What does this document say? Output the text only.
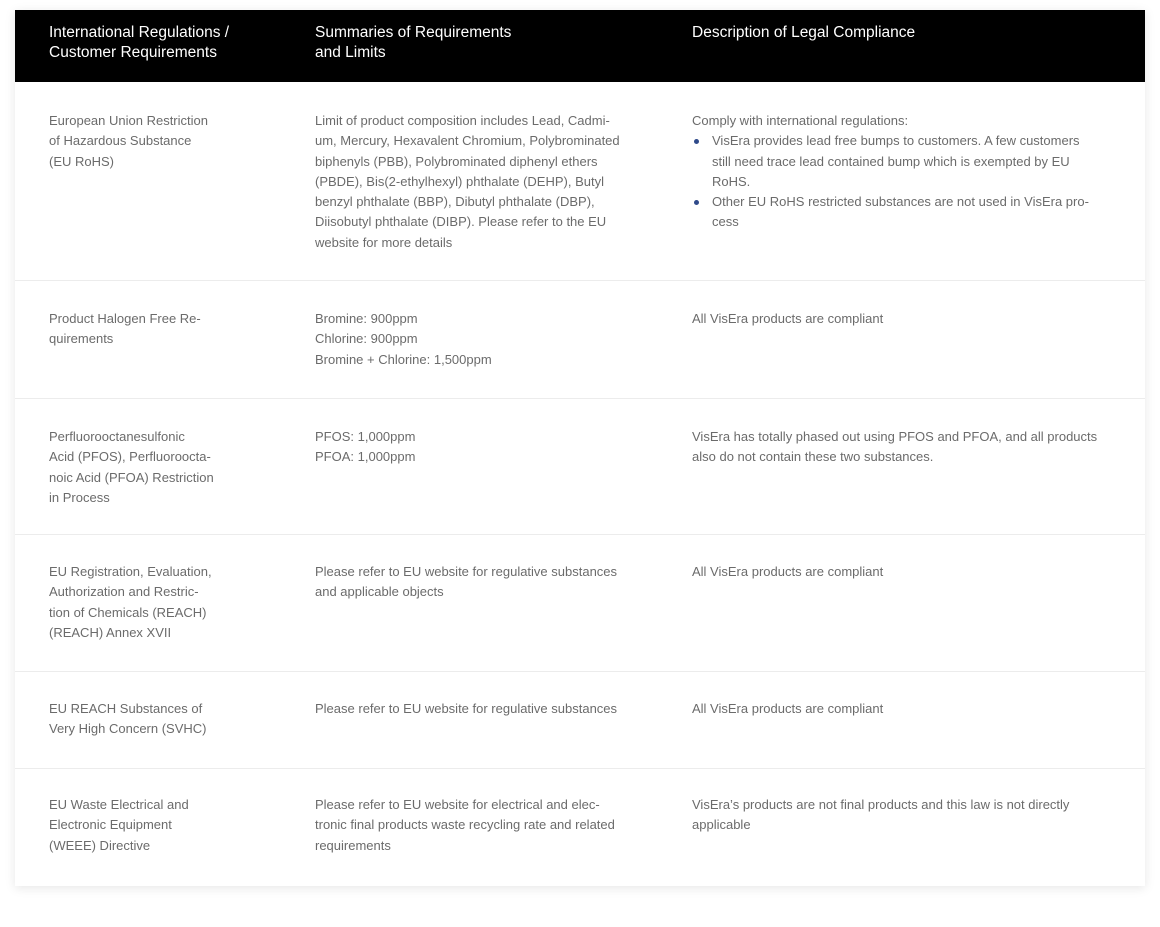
International Regulations /
Customer Requirements
Summaries of Requirements
and Limits
Description of Legal Compliance
European Union Restriction
of Hazardous Substance
(EU RoHS)
Limit of product composition includes Lead, Cadmi-
um, Mercury, Hexavalent Chromium, Polybrominated
biphenyls (PBB), Polybrominated diphenyl ethers
(PBDE), Bis(2-ethylhexyl) phthalate (DEHP), Butyl
benzyl phthalate (BBP), Dibutyl phthalate (DBP),
Diisobutyl phthalate (DIBP). Please refer to the EU
website for more details
Comply with international regulations:
VisEra provides lead free bumps to customers. A few customers
still need trace lead contained bump which is exempted by EU
RoHS.
Other EU RoHS restricted substances are not used in VisEra pro-
cess
Product Halogen Free Re-
quirements
Bromine: 900ppm
Chlorine: 900ppm
Bromine + Chlorine: 1,500ppm
All VisEra products are compliant
Perfluorooctanesulfonic
Acid (PFOS), Perfluoroocta-
noic Acid (PFOA) Restriction
in Process
PFOS: 1,000ppm
PFOA: 1,000ppm
VisEra has totally phased out using PFOS and PFOA, and all products
also do not contain these two substances.
EU Registration, Evaluation,
Authorization and Restric-
tion of Chemicals (REACH)
(REACH) Annex XVII
Please refer to EU website for regulative substances
and applicable objects
All VisEra products are compliant
EU REACH Substances of
Very High Concern (SVHC)
Please refer to EU website for regulative substances	All VisEra products are compliant
EU Waste Electrical and
Electronic Equipment
(WEEE) Directive
Please refer to EU website for electrical and elec-
tronic final products waste recycling rate and related
requirements
VisEra’s products are not final products and this law is not directly
applicable
